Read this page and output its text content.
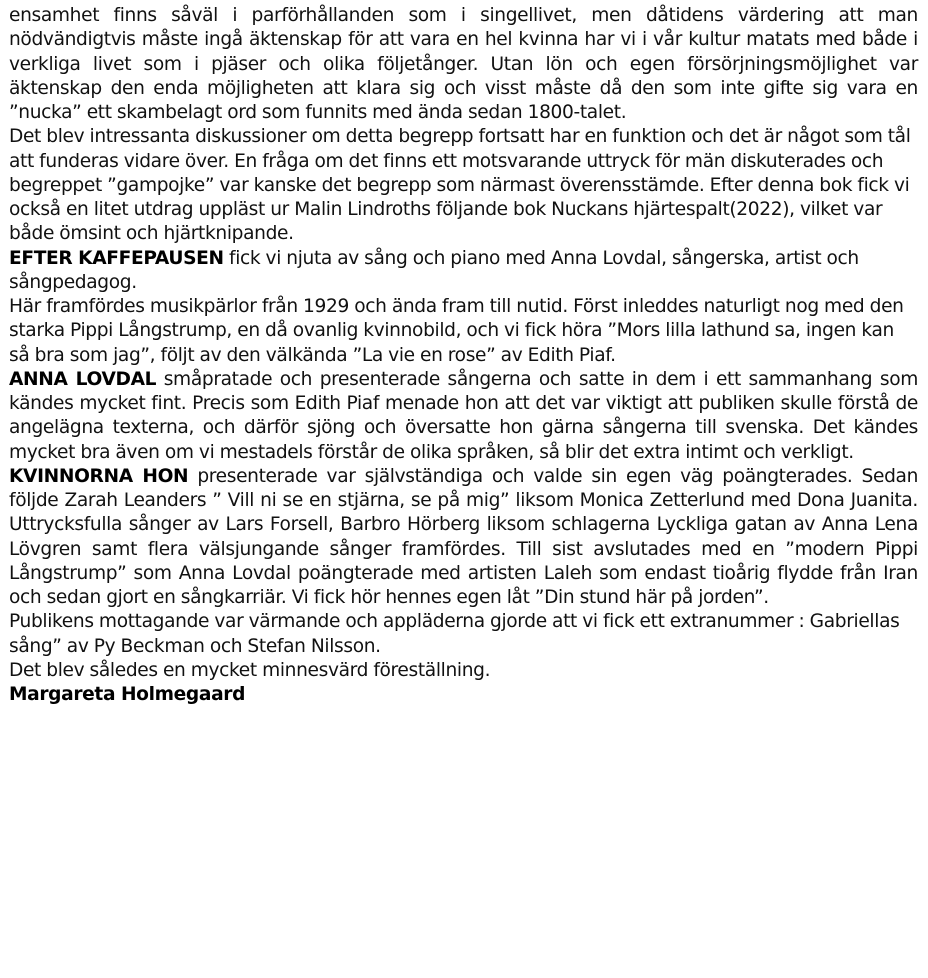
ensamhet finns såväl i parförhållanden som i singellivet, men dåtidens värdering att man nödvändigtvis måste ingå äktenskap för att vara en hel kvinna har vi i vår kultur matats med både i verkliga livet som i pjäser och olika följetånger. Utan lön och egen försörjningsmöjlighet var äktenskap den enda möjligheten att klara sig och visst måste då den som inte gifte sig vara en ”nucka” ett skambelagt ord som funnits med ända sedan 1800-talet.

Det blev intressanta diskussioner om detta begrepp fortsatt har en funktion och det är något som tål att funderas vidare över. En fråga om det finns ett motsvarande uttryck för män diskuterades och begreppet ”gampojke” var kanske det begrepp som närmast överensstämde. Efter denna bok fick vi också en litet utdrag uppläst ur Malin Lindroths följande bok Nuckans hjärtespalt(2022), vilket var både ömsint och hjärtknipande.

EFTER KAFFEPAUSEN fick vi njuta av sång och piano med Anna Lovdal, sångerska, artist och sångpedagog.

Här framfördes musikpärlor från 1929 och ända fram till nutid. Först inleddes naturligt nog med den starka Pippi Långstrump, en då ovanlig kvinnobild, och vi fick höra ”Mors lilla lathund sa, ingen kan så bra som jag”, följt av den välkända ”La vie en rose” av Edith Piaf.

ANNA LOVDAL småpratade och presenterade sångerna och satte in dem i ett sammanhang som kändes mycket fint. Precis som Edith Piaf menade hon att det var viktigt att publiken skulle förstå de angelägna texterna, och därför sjöng och översatte hon gärna sångerna till svenska. Det kändes mycket bra även om vi mestadels förstår de olika språken, så blir det extra intimt och verkligt.

KVINNORNA HON presenterade var självständiga och valde sin egen väg poängterades. Sedan följde Zarah Leanders ” Vill ni se en stjärna, se på mig” liksom Monica Zetterlund med Dona Juanita. Uttrycksfulla sånger av Lars Forsell, Barbro Hörberg liksom schlagerna Lyckliga gatan av Anna Lena Lövgren samt flera välsjungande sånger framfördes. Till sist avslutades med en ”modern Pippi Långstrump” som Anna Lovdal poängterade med artisten Laleh som endast tioårig flydde från Iran och sedan gjort en sångkarriär. Vi fick hör hennes egen låt ”Din stund här på jorden”.

Publikens mottagande var värmande och appläderna gjorde att vi fick ett extranummer : Gabriellas sång” av Py Beckman och Stefan Nilsson.

Det blev således en mycket minnesvärd föreställning.

Margareta Holmegaard
